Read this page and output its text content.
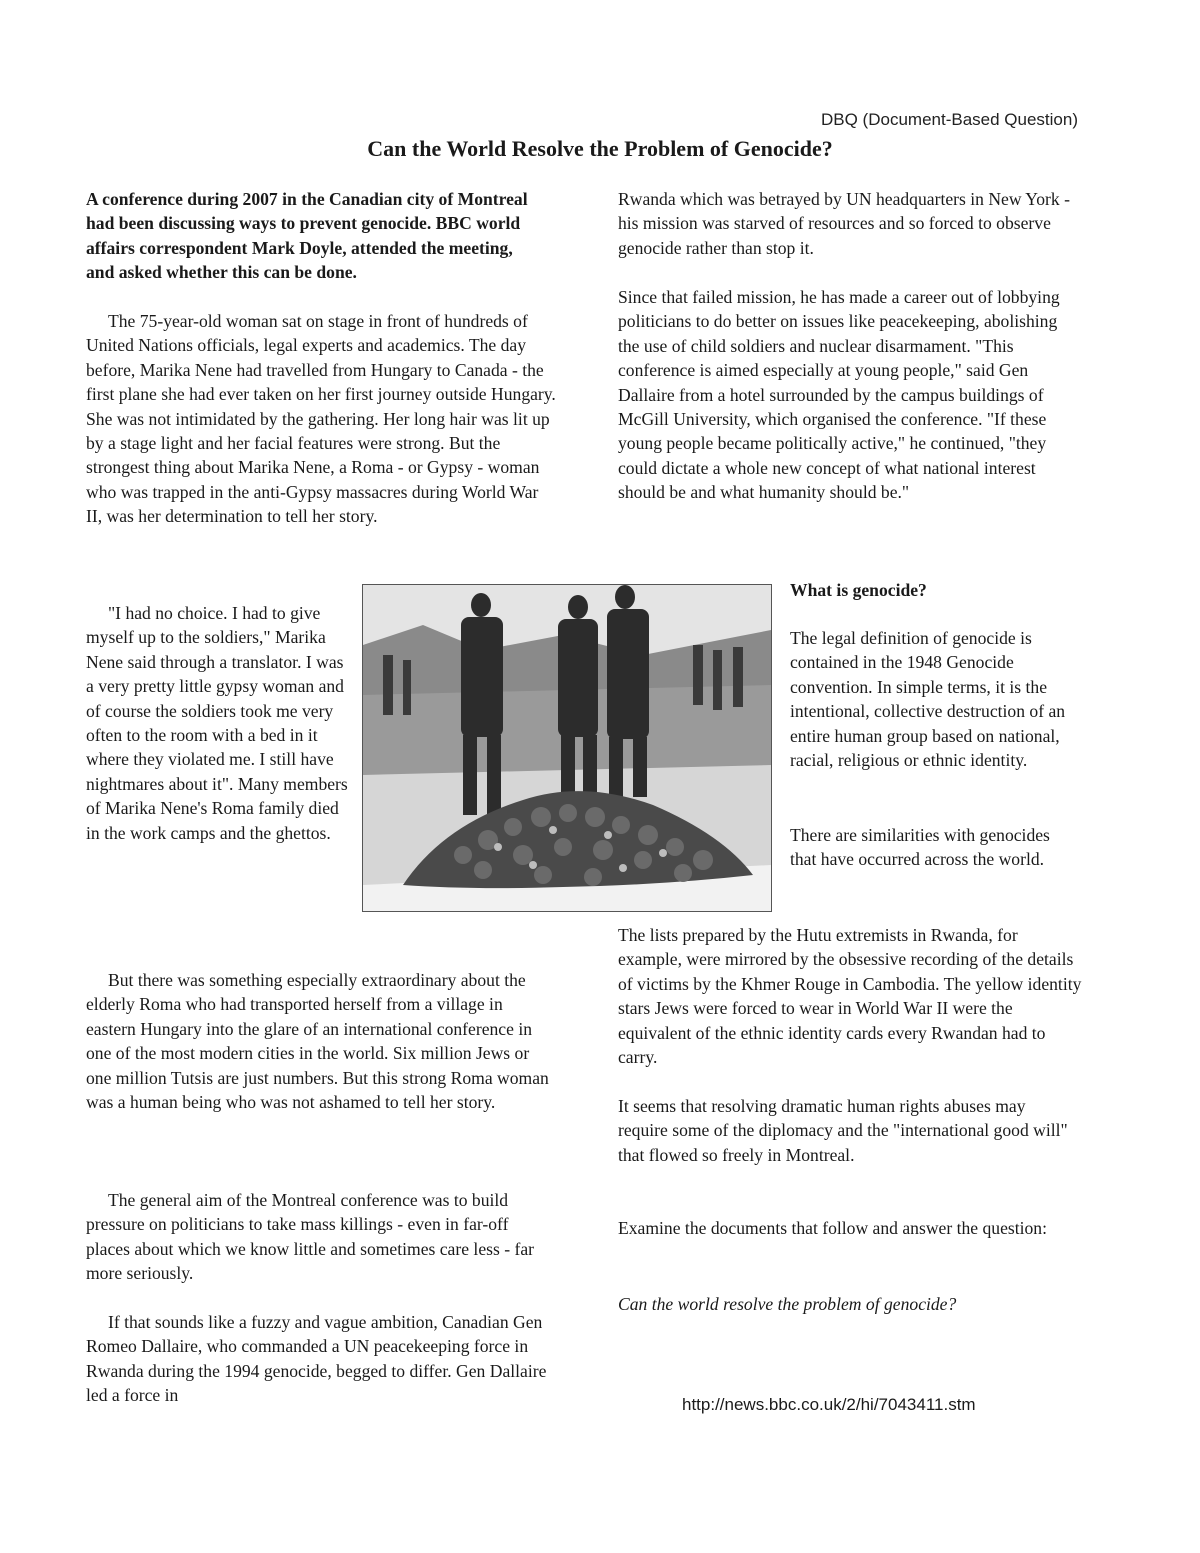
DBQ (Document-Based Question)
Can the World Resolve the Problem of Genocide?

A conference during 2007 in the Canadian city of Montreal had been discussing ways to prevent genocide. BBC world affairs correspondent Mark Doyle, attended the meeting, and asked whether this can be done.

The 75-year-old woman sat on stage in front of hundreds of United Nations officials, legal experts and academics. The day before, Marika Nene had travelled from Hungary to Canada - the first plane she had ever taken on her first journey outside Hungary. She was not intimidated by the gathering. Her long hair was lit up by a stage light and her facial features were strong. But the strongest thing about Marika Nene, a Roma - or Gypsy - woman who was trapped in the anti-Gypsy massacres during World War II, was her determination to tell her story.

"I had no choice. I had to give myself up to the soldiers," Marika Nene said through a translator. I was a very pretty little gypsy woman and of course the soldiers took me very often to the room with a bed in it where they violated me. I still have nightmares about it". Many members of Marika Nene's Roma family died in the work camps and the ghettos.

But there was something especially extraordinary about the elderly Roma who had transported herself from a village in eastern Hungary into the glare of an international conference in one of the most modern cities in the world. Six million Jews or one million Tutsis are just numbers. But this strong Roma woman was a human being who was not ashamed to tell her story.

The general aim of the Montreal conference was to build pressure on politicians to take mass killings - even in far-off places about which we know little and sometimes care less - far more seriously.

If that sounds like a fuzzy and vague ambition, Canadian Gen Romeo Dallaire, who commanded a UN peacekeeping force in Rwanda during the 1994 genocide, begged to differ. Gen Dallaire led a force in

Rwanda which was betrayed by UN headquarters in New York - his mission was starved of resources and so forced to observe genocide rather than stop it.

Since that failed mission, he has made a career out of lobbying politicians to do better on issues like peacekeeping, abolishing the use of child soldiers and nuclear disarmament. "This conference is aimed especially at young people," said Gen Dallaire from a hotel surrounded by the campus buildings of McGill University, which organised the conference. "If these young people became politically active," he continued, "they could dictate a whole new concept of what national interest should be and what humanity should be."

What is genocide?

The legal definition of genocide is contained in the 1948 Genocide convention. In simple terms, it is the intentional, collective destruction of an entire human group based on national, racial, religious or ethnic identity.

There are similarities with genocides that have occurred across the world.

The lists prepared by the Hutu extremists in Rwanda, for example, were mirrored by the obsessive recording of the details of victims by the Khmer Rouge in Cambodia. The yellow identity stars Jews were forced to wear in World War II were the equivalent of the ethnic identity cards every Rwandan had to carry.

It seems that resolving dramatic human rights abuses may require some of the diplomacy and the "international good will" that flowed so freely in Montreal.

Examine the documents that follow and answer the question:

Can the world resolve the problem of genocide?

http://news.bbc.co.uk/2/hi/7043411.stm
